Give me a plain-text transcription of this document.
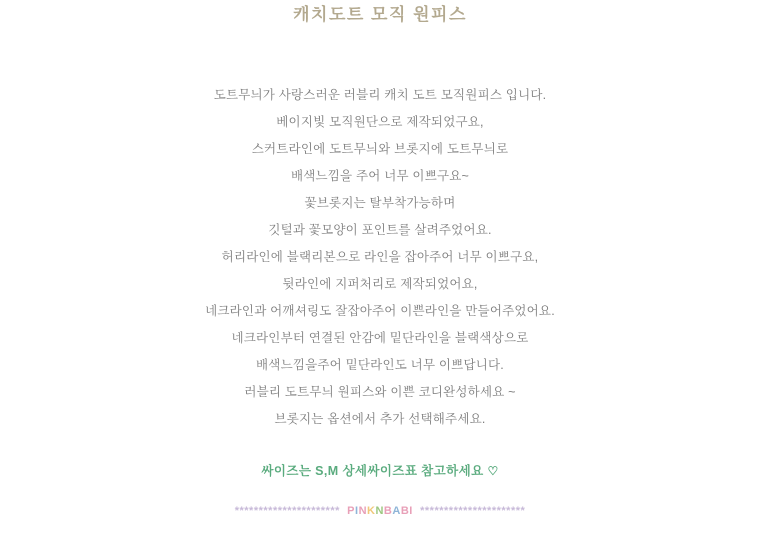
캐치도트 모직 원피스
도트무늬가 사랑스러운 러블리 캐치 도트 모직원피스 입니다.
베이지빛 모직원단으로 제작되었구요,
스커트라인에 도트무늬와 브롯지에 도트무늬로
배색느낌을 주어 너무 이쁘구요~
꽃브롯지는 탈부착가능하며
깃털과 꽃모양이 포인트를 살려주었어요.
허리라인에 블랙리본으로 라인을 잡아주어 너무 이쁘구요,
뒷라인에 지퍼처리로 제작되었어요,
네크라인과 어깨셔링도 잘잡아주어 이쁜라인을 만들어주었어요.
네크라인부터 연결된 안감에 밑단라인을 블랙색상으로
배색느낌을주어 밑단라인도 너무 이쁘답니다.
러블리 도트무늬 원피스와 이쁜 코디완성하세요 ~
브롯지는 옵션에서 추가 선택해주세요.
싸이즈는 S,M 상세싸이즈표 참고하세요 ♡
********************** PINKNBABI **********************
